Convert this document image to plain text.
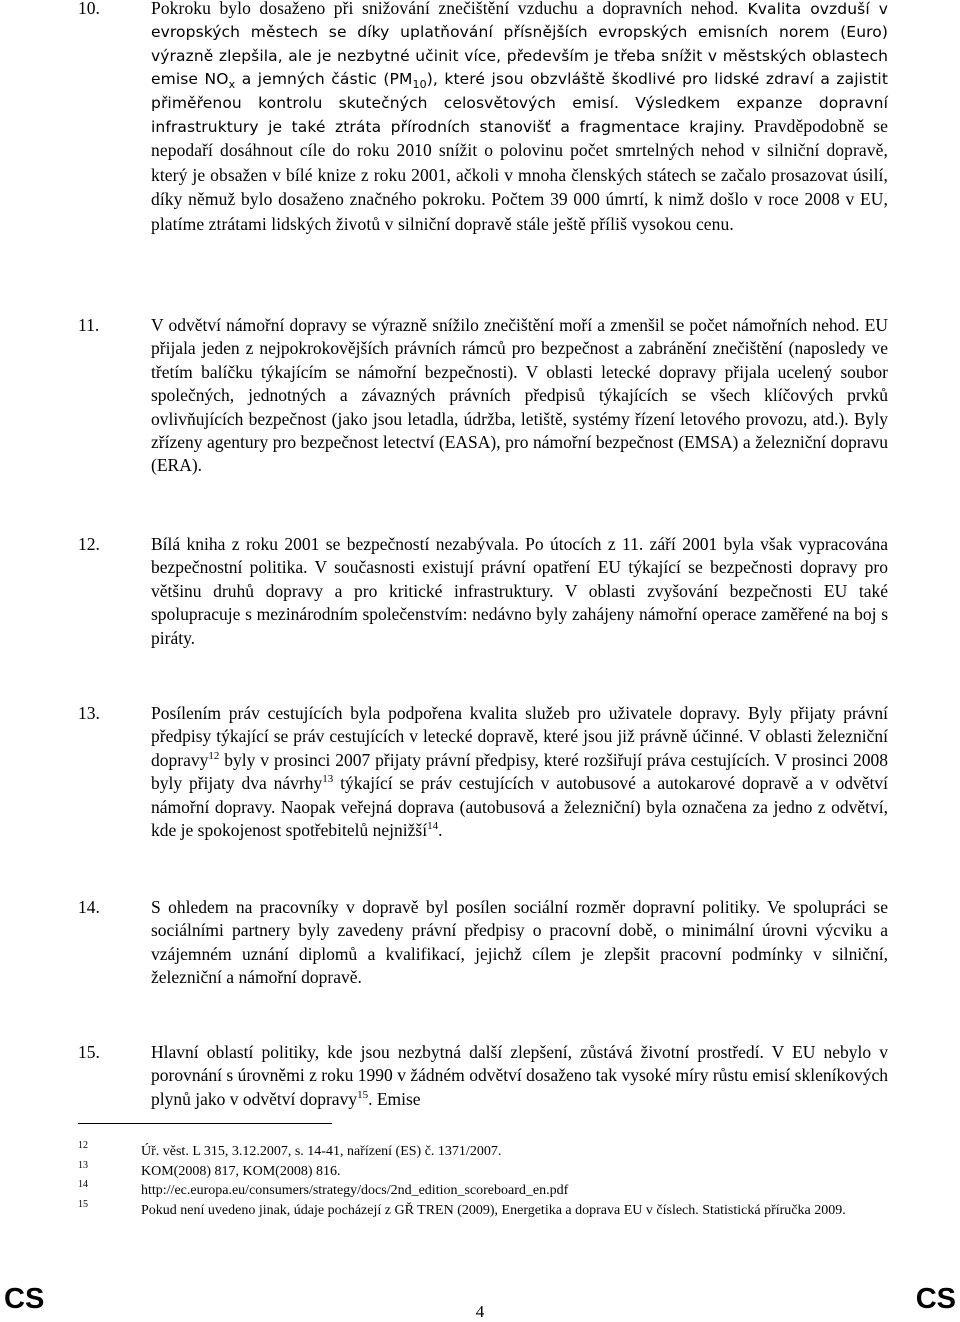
10.	Pokroku bylo dosaženo při snižování znečištění vzduchu a dopravních nehod. Kvalita ovzduší v evropských městech se díky uplatňování přísnějších evropských emisních norem (Euro) výrazně zlepšila, ale je nezbytné učinit více, především je třeba snížit v městských oblastech emise $NO_x$ a jemných částic $(PM_{10})$, které jsou obzvláště škodlivé pro lidské zdraví a zajistit přiměřenou kontrolu skutečných celosvětových emisí. Výsledkem expanze dopravní infrastruktury je také ztráta přírodních stanovišť a fragmentace krajiny. Pravděpodobně se nepodaří dosáhnout cíle do roku 2010 snížit o polovinu počet smrtelných nehod v silniční dopravě, který je obsažen v bílé knize z roku 2001, ačkoli v mnoha členských státech se začalo prosazovat úsilí, díky němuž bylo dosaženo značného pokroku. Počtem 39 000 úmrtí, k nimž došlo v roce 2008 v EU, platíme ztrátami lidských životů v silniční dopravě stále ještě příliš vysokou cenu.
11.	V odvětví námořní dopravy se výrazně snížilo znečištění moří a zmenšil se počet námořních nehod. EU přijala jeden z nejpokrokovějších právních rámců pro bezpečnost a zabránění znečištění (naposledy ve třetím balíčku týkajícím se námořní bezpečnosti). V oblasti letecké dopravy přijala ucelený soubor společných, jednotných a závazných právních předpisů týkajících se všech klíčových prvků ovlivňujících bezpečnost (jako jsou letadla, údržba, letiště, systémy řízení letového provozu, atd.). Byly zřízeny agentury pro bezpečnost letectví (EASA), pro námořní bezpečnost (EMSA) a železniční dopravu (ERA).
12.	Bílá kniha z roku 2001 se bezpečností nezabývala. Po útocích z 11. září 2001 byla však vypracována bezpečnostní politika. V současnosti existují právní opatření EU týkající se bezpečnosti dopravy pro většinu druhů dopravy a pro kritické infrastruktury. V oblasti zvyšování bezpečnosti EU také spolupracuje s mezinárodním společenstvím: nedávno byly zahájeny námořní operace zaměřené na boj s piráty.
13.	Posílením práv cestujících byla podpořena kvalita služeb pro uživatele dopravy. Byly přijaty právní předpisy týkající se práv cestujících v letecké dopravě, které jsou již právně účinné. V oblasti železniční dopravy$^{12}$ byly v prosinci 2007 přijaty právní předpisy, které rozšiřují práva cestujících. V prosinci 2008 byly přijaty dva návrhy$^{13}$ týkající se práv cestujících v autobusové a autokarové dopravě a v odvětví námořní dopravy. Naopak veřejná doprava (autobusová a železniční) byla označena za jedno z odvětví, kde je spokojenost spotřebitelů nejnižší$^{14}$.
14.	S ohledem na pracovníky v dopravě byl posílen sociální rozměr dopravní politiky. Ve spolupráci se sociálními partnery byly zavedeny právní předpisy o pracovní době, o minimální úrovni výcviku a vzájemném uznání diplomů a kvalifikací, jejichž cílem je zlepšit pracovní podmínky v silniční, železniční a námořní dopravě.
15.	Hlavní oblastí politiky, kde jsou nezbytná další zlepšení, zůstává životní prostředí. V EU nebylo v porovnání s úrovněmi z roku 1990 v žádném odvětví dosaženo tak vysoké míry růstu emisí skleníkových plynů jako v odvětví dopravy$^{15}$. Emise
12	Úř. věst. L 315, 3.12.2007, s. 14-41, nařízení (ES) č. 1371/2007.
13	KOM(2008) 817, KOM(2008) 816.
14	http://ec.europa.eu/consumers/strategy/docs/2nd_edition_scoreboard_en.pdf
15	Pokud není uvedeno jinak, údaje pocházejí z GŘ TREN (2009), Energetika a doprava EU v číslech. Statistická příručka 2009.
CS	4	CS
